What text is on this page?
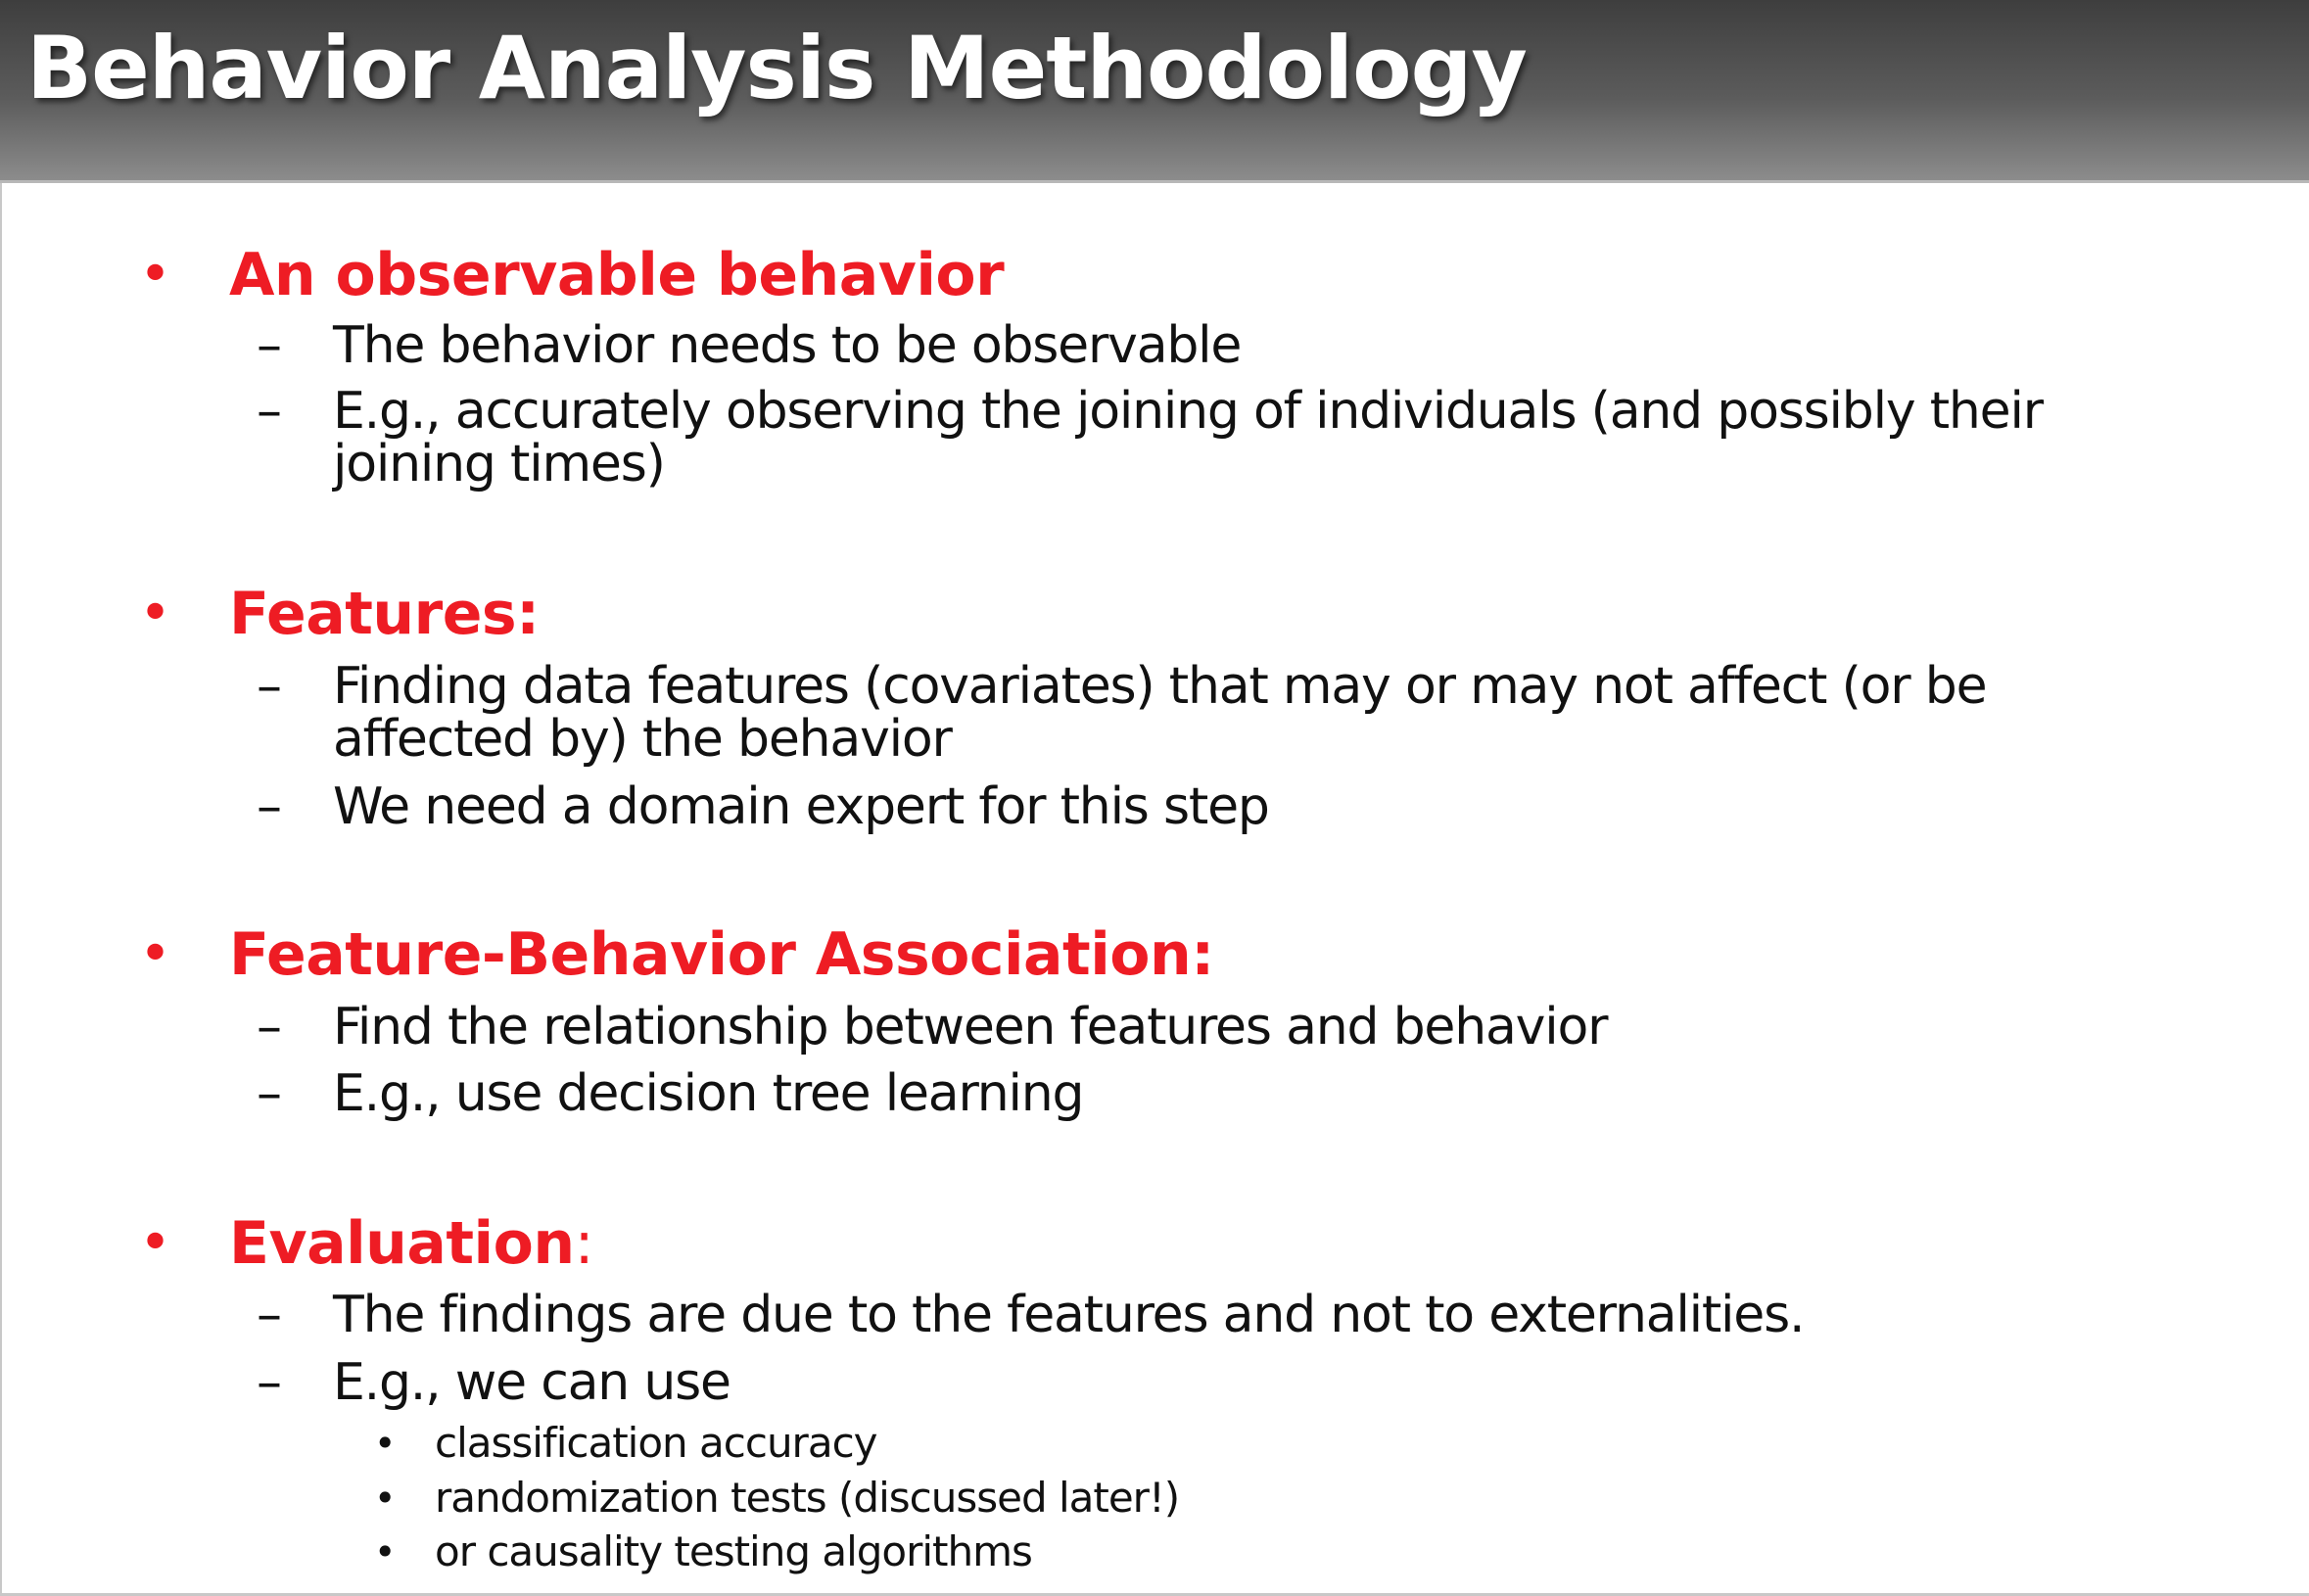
Behavior Analysis Methodology
• An observable behavior
– The behavior needs to be observable
– E.g., accurately observing the joining of individuals (and possibly their joining times)
• Features:
– Finding data features (covariates) that may or may not affect (or be affected by) the behavior
– We need a domain expert for this step
• Feature-Behavior Association:
– Find the relationship between features and behavior
– E.g., use decision tree learning
• Evaluation:
– The findings are due to the features and not to externalities.
– E.g., we can use
• classification accuracy
• randomization tests (discussed later!)
• or causality testing algorithms
